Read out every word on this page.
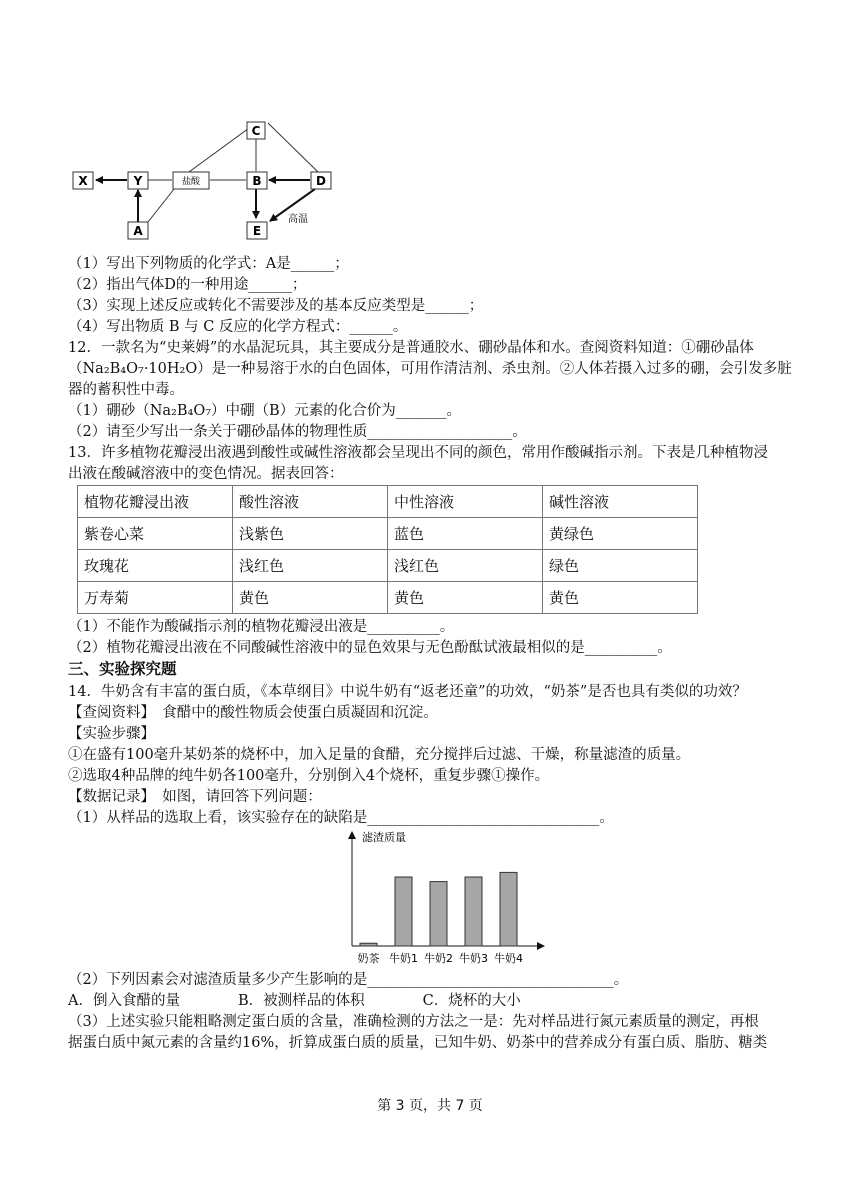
C
X	Y	盐酸	B	D
A	E
高温
（1）写出下列物质的化学式：A是______；
（2）指出气体D的一种用途______；
（3）实现上述反应或转化不需要涉及的基本反应类型是______；
（4）写出物质 B 与 C 反应的化学方程式：______。
12．一款名为“史莱姆”的水晶泥玩具，其主要成分是普通胶水、硼砂晶体和水。查阅资料知道：①硼砂晶体
（Na₂B₄O₇·10H₂O）是一种易溶于水的白色固体，可用作清洁剂、杀虫剂。②人体若摄入过多的硼，会引发多脏
器的蓄积性中毒。
（1）硼砂（Na₂B₄O₇）中硼（B）元素的化合价为_______。
（2）请至少写出一条关于硼砂晶体的物理性质____________________。
13．许多植物花瓣浸出液遇到酸性或碱性溶液都会呈现出不同的颜色，常用作酸碱指示剂。下表是几种植物浸
出液在酸碱溶液中的变色情况。据表回答：
植物花瓣浸出液	酸性溶液	中性溶液	碱性溶液
紫卷心菜	浅紫色	蓝色	黄绿色
玫瑰花	浅红色	浅红色	绿色
万寿菊	黄色	黄色	黄色
（1）不能作为酸碱指示剂的植物花瓣浸出液是__________。
（2）植物花瓣浸出液在不同酸碱性溶液中的显色效果与无色酚酞试液最相似的是__________。
三、实验探究题
14．牛奶含有丰富的蛋白质，《本草纲目》中说牛奶有“返老还童”的功效，“奶茶”是否也具有类似的功效？
【查阅资料】　食醋中的酸性物质会使蛋白质凝固和沉淀。
【实验步骤】
①在盛有100毫升某奶茶的烧杯中，加入足量的食醋，充分搅拌后过滤、干燥，称量滤渣的质量。
②选取4种品牌的纯牛奶各100毫升，分别倒入4个烧杯，重复步骤①操作。
【数据记录】　如图，请回答下列问题：
（1）从样品的选取上看，该实验存在的缺陷是________________________________。
滤渣质量
奶茶 牛奶1 牛奶2 牛奶3 牛奶4
（2）下列因素会对滤渣质量多少产生影响的是__________________________________。
A．倒入食醋的量　　　　B．被测样品的体积　　　　C．烧杯的大小
（3）上述实验只能粗略测定蛋白质的含量，准确检测的方法之一是：先对样品进行氮元素质量的测定，再根
据蛋白质中氮元素的含量约16%，折算成蛋白质的质量，已知牛奶、奶茶中的营养成分有蛋白质、脂肪、糖类
第 3 页，共 7 页
